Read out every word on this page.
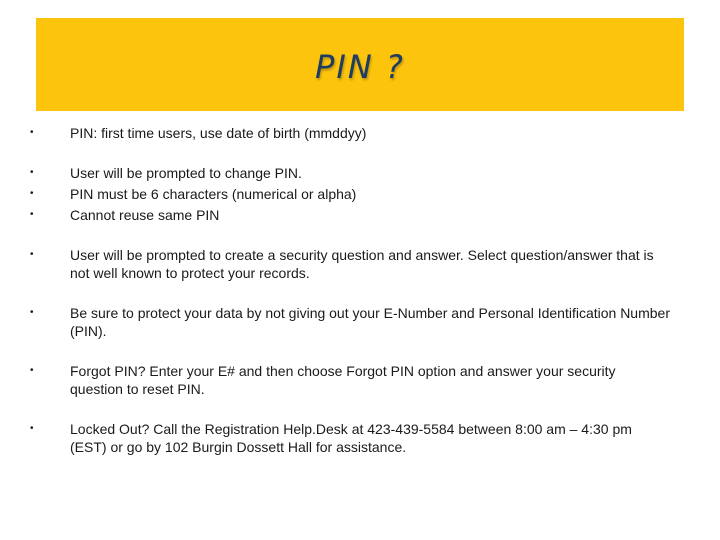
PIN ?
•	PIN: first time users, use date of birth (mmddyy)
•	User will be prompted to change PIN.
•	PIN must be 6 characters (numerical or alpha)
•	Cannot reuse same PIN
•	User will be prompted to create a security question and answer. Select question/answer that is not well known to protect your records.
•	Be sure to protect your data by not giving out your E-Number and Personal Identification Number (PIN).
•	Forgot PIN? Enter your E# and then choose Forgot PIN option and answer your security question to reset PIN.
•	Locked Out? Call the Registration Help.Desk at 423-439-5584 between 8:00 am – 4:30 pm (EST) or go by 102 Burgin Dossett Hall for assistance.
